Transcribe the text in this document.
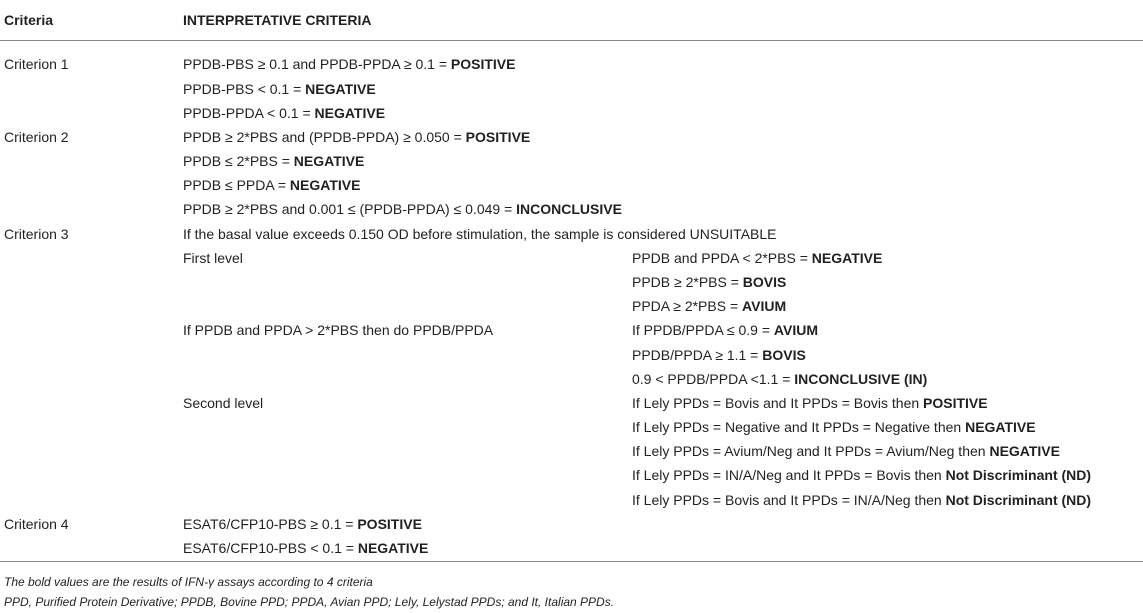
Criteria	INTERPRETATIVE CRITERIA
Criterion 1	PPDB-PBS ≥ 0.1 and PPDB-PPDA ≥ 0.1 = POSITIVE
PPDB-PBS < 0.1 = NEGATIVE
PPDB-PPDA < 0.1 = NEGATIVE
Criterion 2	PPDB ≥ 2*PBS and (PPDB-PPDA) ≥ 0.050 = POSITIVE
PPDB ≤ 2*PBS = NEGATIVE
PPDB ≤ PPDA = NEGATIVE
PPDB ≥ 2*PBS and 0.001 ≤ (PPDB-PPDA) ≤ 0.049 = INCONCLUSIVE
Criterion 3	If the basal value exceeds 0.150 OD before stimulation, the sample is considered UNSUITABLE
First level	PPDB and PPDA < 2*PBS = NEGATIVE
PPDB ≥ 2*PBS = BOVIS
PPDA ≥ 2*PBS = AVIUM
If PPDB and PPDA > 2*PBS then do PPDB/PPDA	If PPDB/PPDA ≤ 0.9 = AVIUM
PPDB/PPDA ≥ 1.1 = BOVIS
0.9 < PPDB/PPDA <1.1 = INCONCLUSIVE (IN)
Second level	If Lely PPDs = Bovis and It PPDs = Bovis then POSITIVE
If Lely PPDs = Negative and It PPDs = Negative then NEGATIVE
If Lely PPDs = Avium/Neg and It PPDs = Avium/Neg then NEGATIVE
If Lely PPDs = IN/A/Neg and It PPDs = Bovis then Not Discriminant (ND)
If Lely PPDs = Bovis and It PPDs = IN/A/Neg then Not Discriminant (ND)
Criterion 4	ESAT6/CFP10-PBS ≥ 0.1 = POSITIVE
ESAT6/CFP10-PBS < 0.1 = NEGATIVE
The bold values are the results of IFN-γ assays according to 4 criteria
PPD, Purified Protein Derivative; PPDB, Bovine PPD; PPDA, Avian PPD; Lely, Lelystad PPDs; and It, Italian PPDs.
